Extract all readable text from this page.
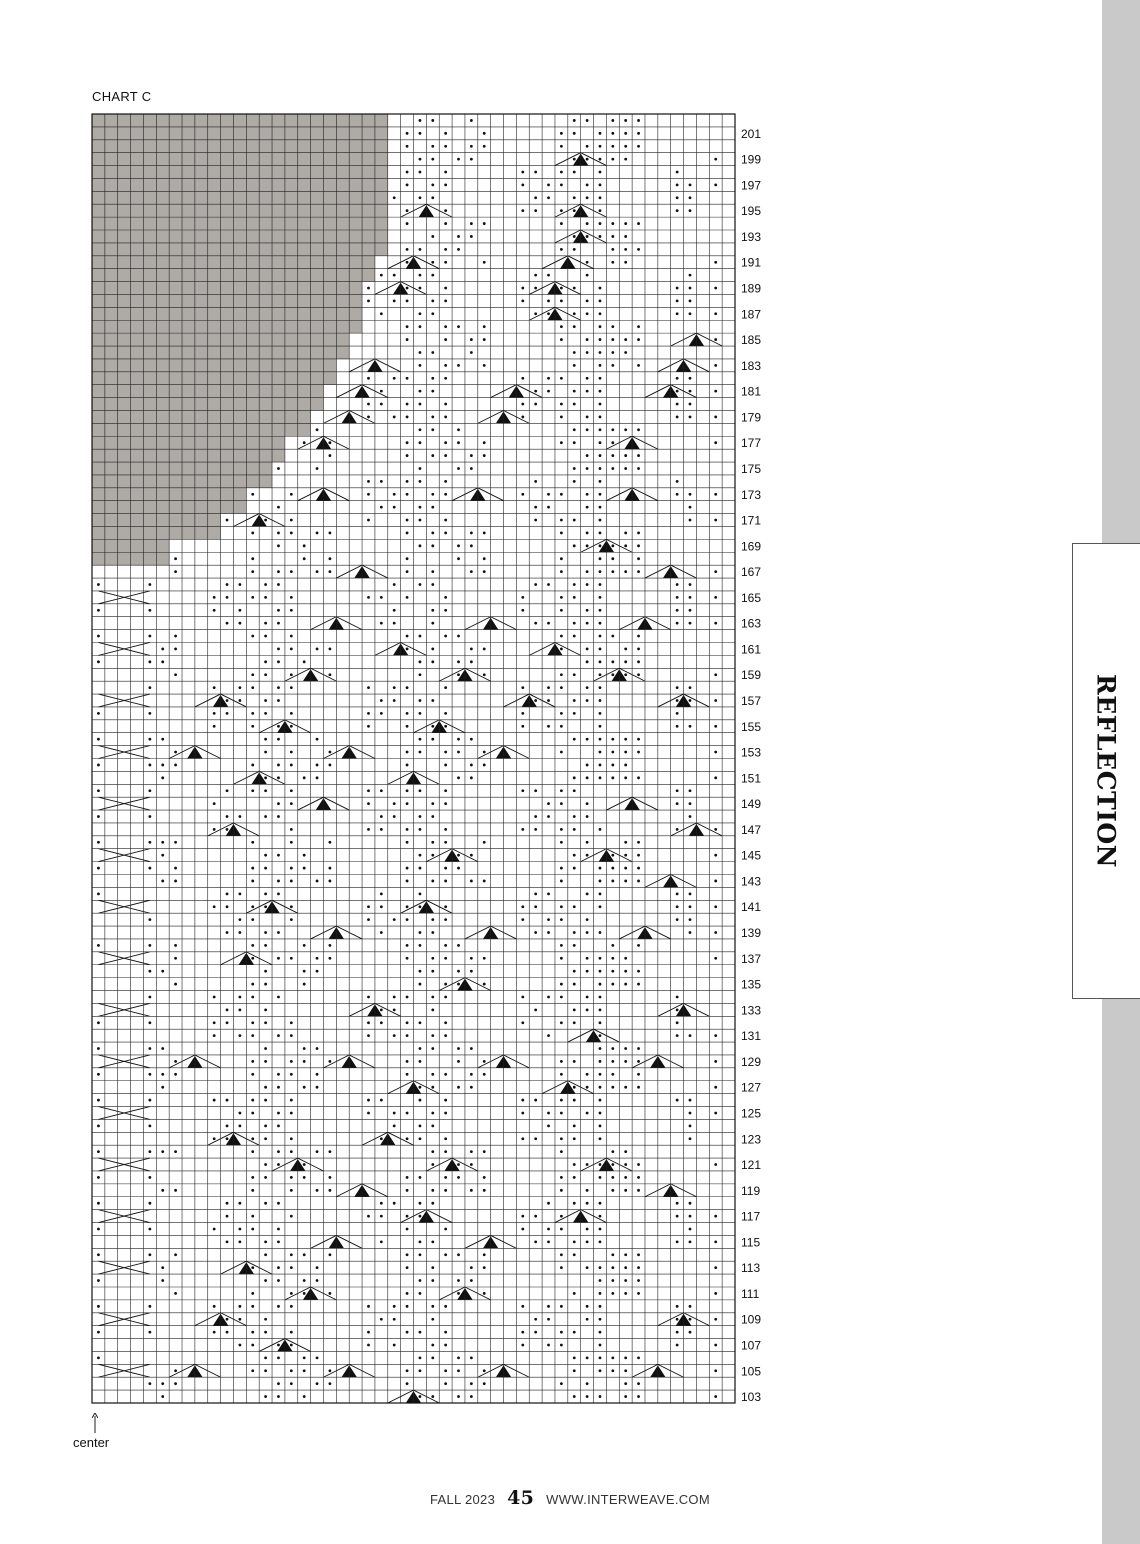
REFLECTION
CHART C
201
199
197
195
193
191
189
187
185
183
181
179
177
175
173
171
169
167
165
163
161
159
157
155
153
151
149
147
145
143
141
139
137
135
133
131
129
127
125
123
121
119
117
115
113
111
109
107
105
103
center
FALL 2023 45 WWW.INTERWEAVE.COM
